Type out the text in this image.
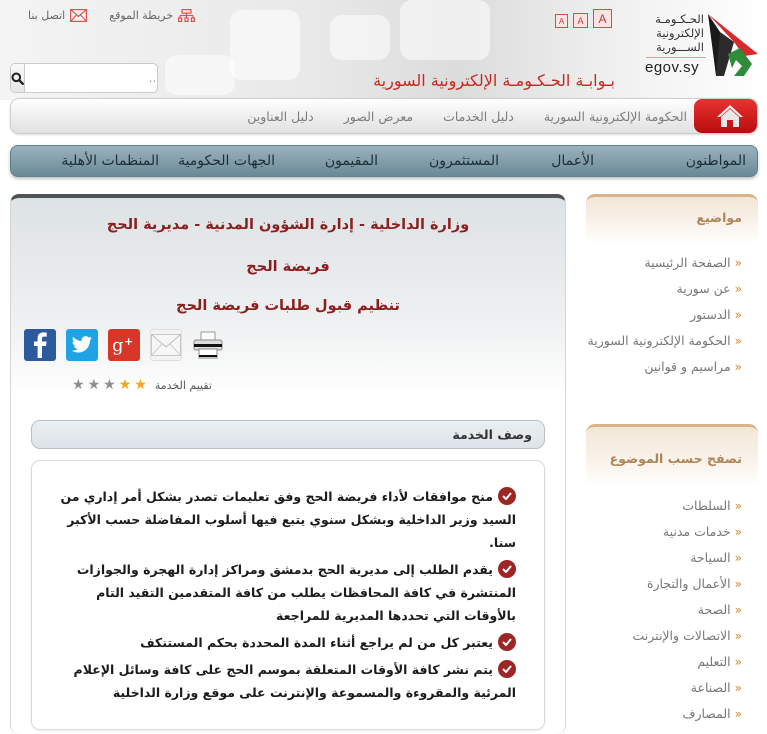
خريطة الموقع
اتصل بنا
بحث...
بـوابـة الحـكـومـة الإلكترونية السورية
A	A	A	الحـكـومـة
الإلكترونية
الســـورية
egov.sy
الحكومة الإلكترونية السورية
دليل الخدمات
معرض الصور
دليل العناوين
المواطنون
الأعمال
المستثمرون
المقيمون
الجهات الحكومية
المنظمات الأهلية
وزارة الداخلية - إدارة الشؤون المدنية - مديرية الحج
فريضة الحج
تنظيم قبول طلبات فريضة الحج
g +
تقييم الخدمة
★
★
★
★
★
وصف الخدمة
منح موافقات لأداء فريضة الحج وفق تعليمات تصدر بشكل أمر إداري من السيد وزير الداخلية وبشكل سنوي يتبع فيها أسلوب المفاضلة حسب الأكبر سنا.
يقدم الطلب إلى مديرية الحج بدمشق ومراكز إدارة الهجرة والجوازات المنتشرة في كافة المحافظات يطلب من كافة المتقدمين التقيد التام بالأوقات التي تحددها المديرية للمراجعة
يعتبر كل من لم يراجع أثناء المدة المحددة بحكم المستنكف
يتم نشر كافة الأوقات المتعلقة بموسم الحج على كافة وسائل الإعلام المرئية والمقروءة والمسموعة والإنترنت على موقع وزارة الداخلية
مواضيع
«الصفحة الرئيسية
«عن سورية
«الدستور
«الحكومة الإلكترونية السورية
«مراسيم و قوانين
تصفح حسب الموضوع
«السلطات
«خدمات مدنية
«السياحة
«الأعمال والتجارة
«الصحة
«الاتصالات والإنترنت
«التعليم
«الصناعة
«المصارف
